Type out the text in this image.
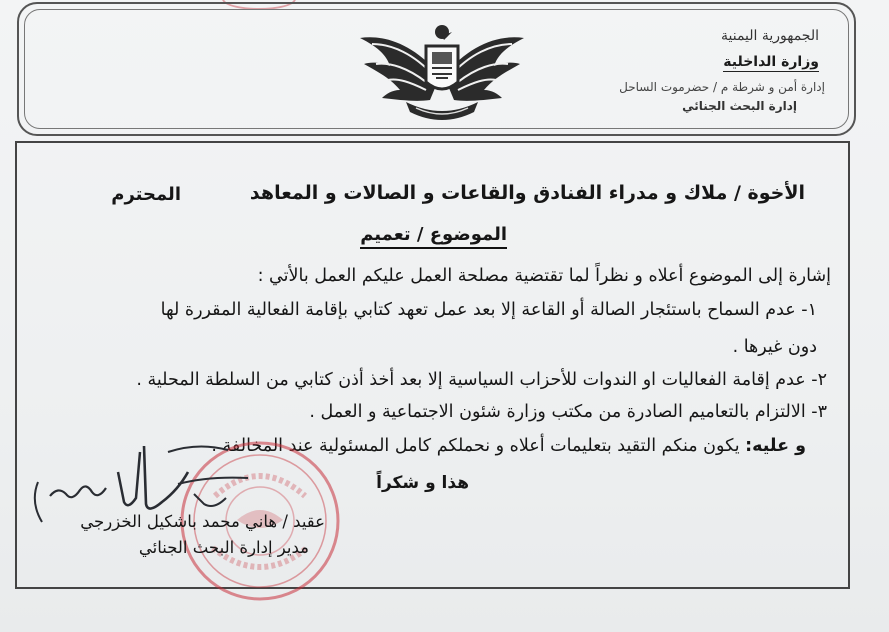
الجمهورية اليمنية
وزارة الداخلية
إدارة أمن و شرطة م / حضرموت الساحل
إدارة البحث الجنائي
الأخوة / ملاك و مدراء الفنادق والقاعات و الصالات و المعاهد
المحترم
الموضوع / تعميم
إشارة إلى الموضوع أعلاه و نظراً لما تقتضية مصلحة العمل عليكم العمل بالأتي :
١- عدم السماح باستئجار الصالة أو القاعة إلا بعد عمل تعهد كتابي بإقامة الفعالية المقررة لها
دون غيرها .
٢- عدم إقامة الفعاليات او الندوات للأحزاب السياسية إلا بعد أخذ أذن كتابي من السلطة المحلية .
٣- الالتزام بالتعاميم الصادرة من مكتب وزارة شئون الاجتماعية و العمل .
و عليه: يكون منكم التقيد بتعليمات أعلاه و نحملكم كامل المسئولية عند المخالفة .
هذا و شكراً
عقيد / هاني محمد باشكيل الخزرجي
مدير إدارة البحث الجنائي
